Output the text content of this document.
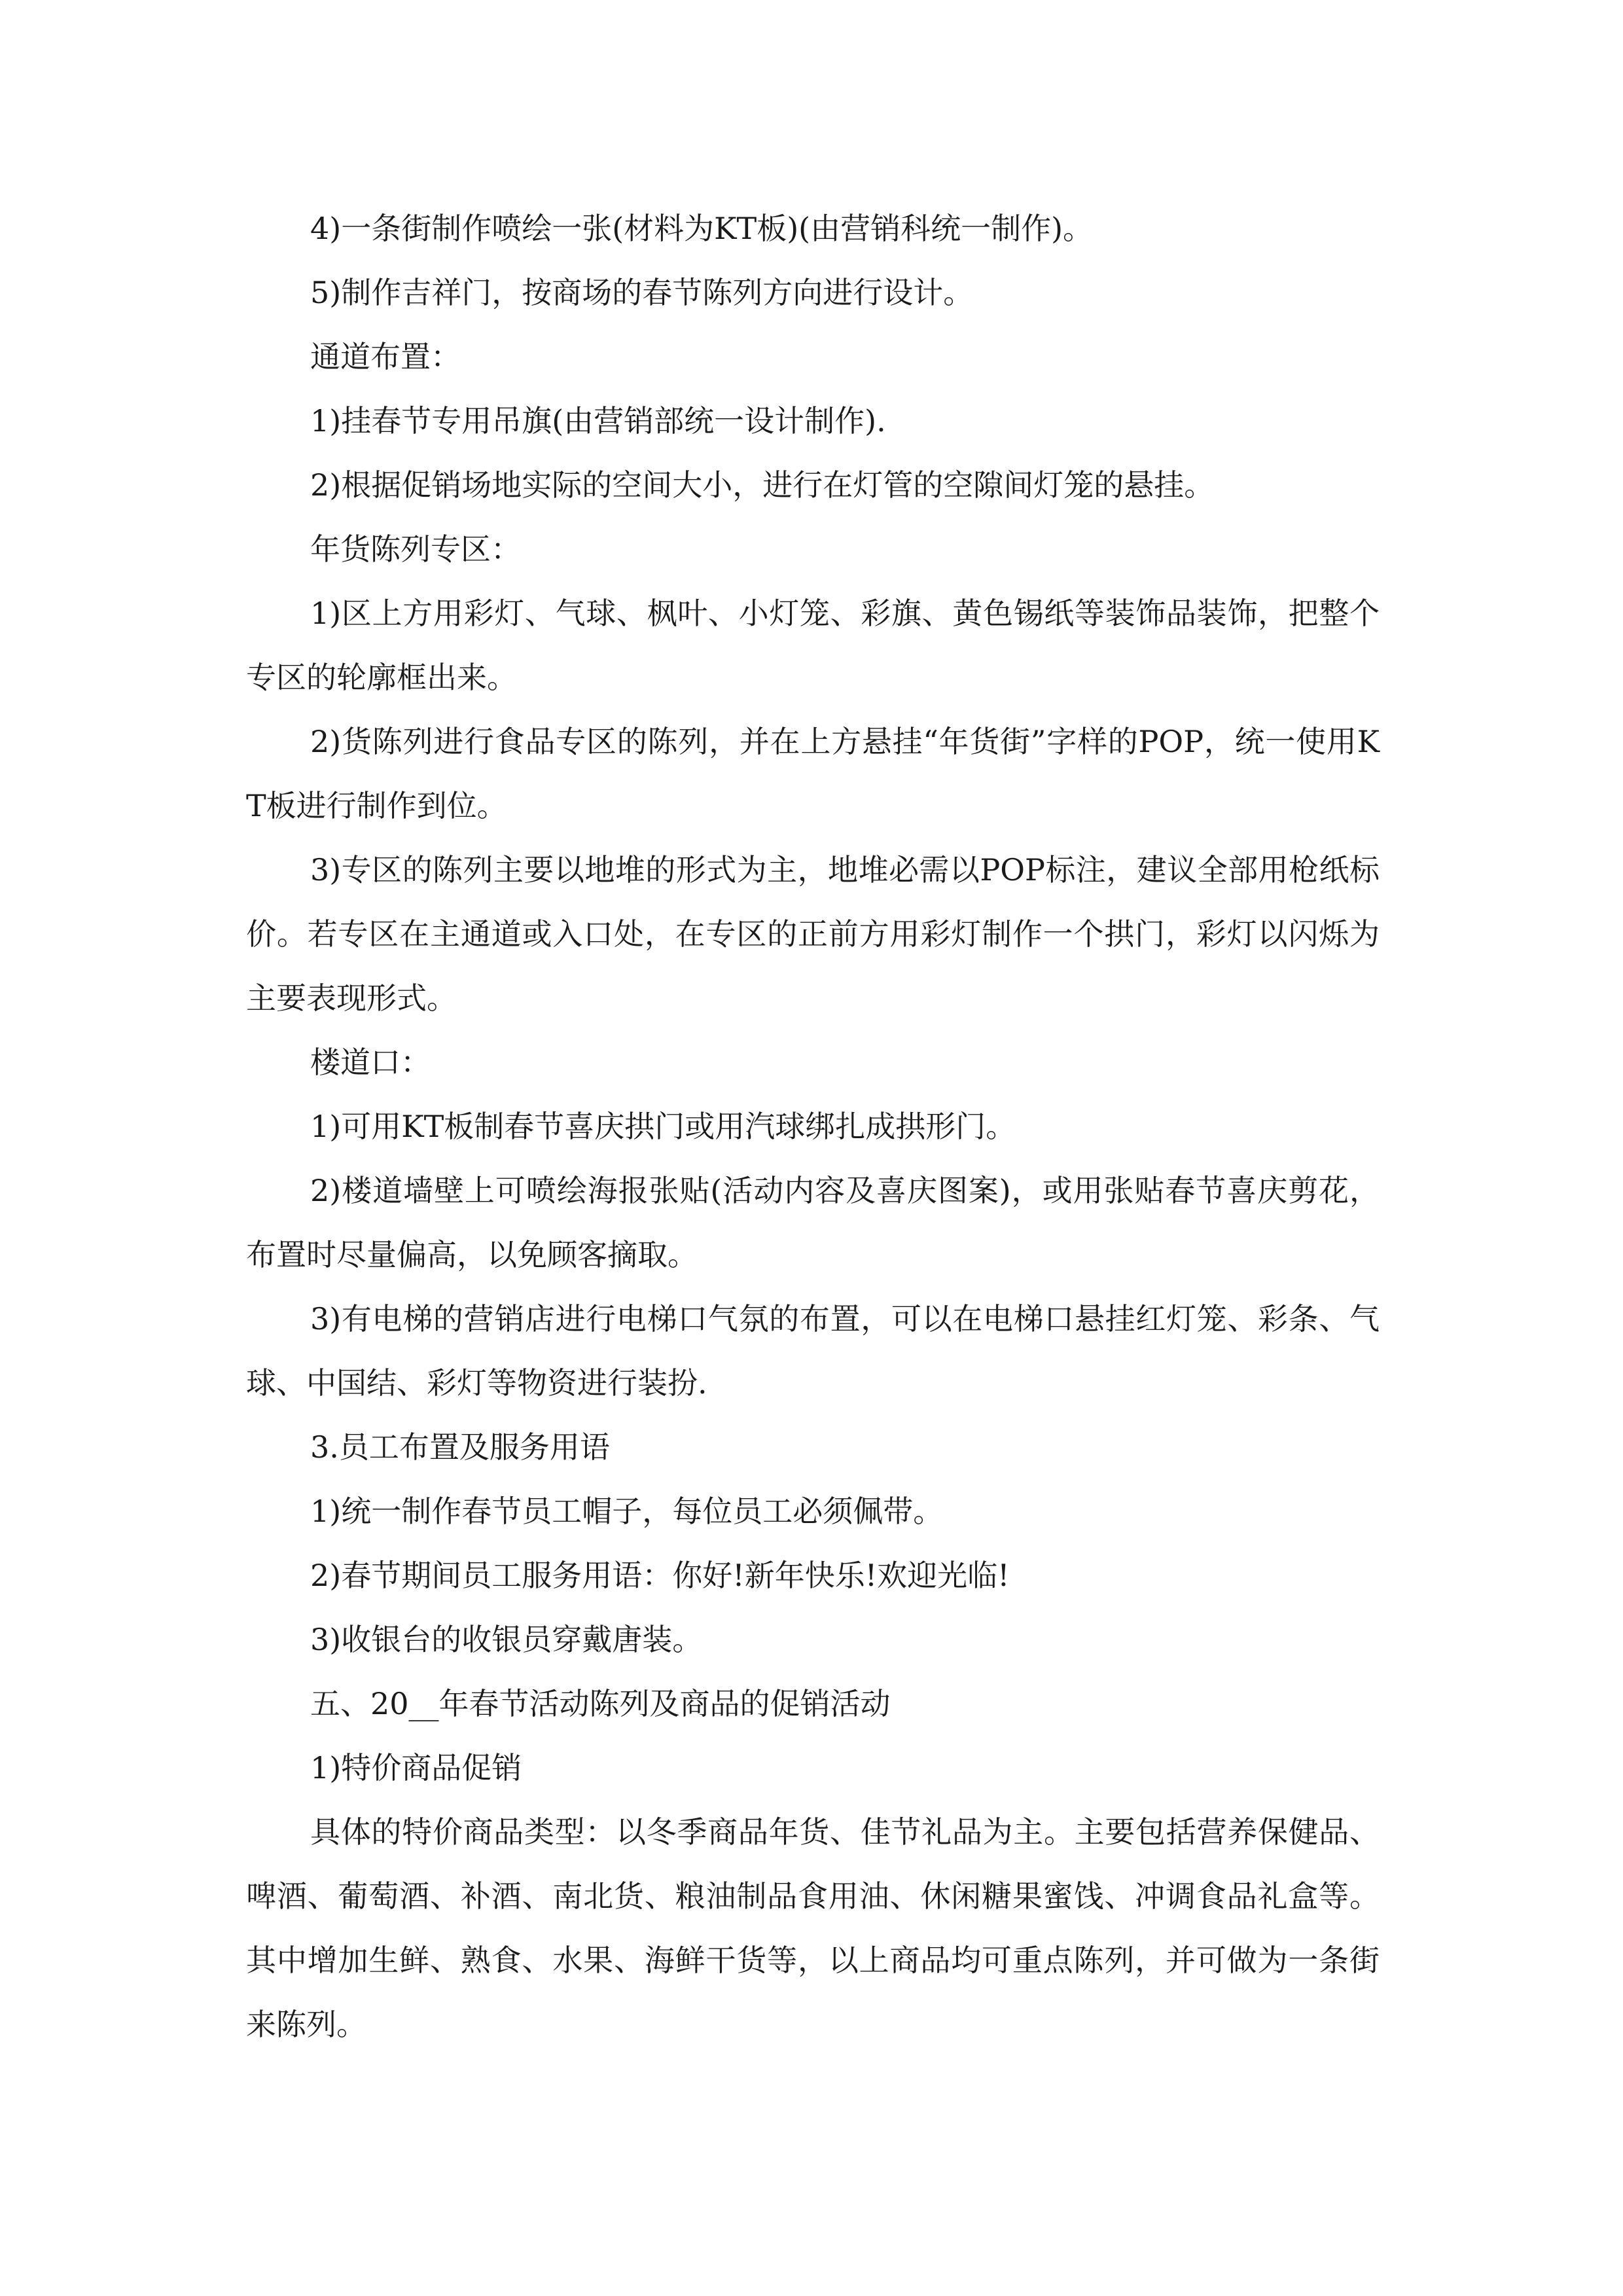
4)一条街制作喷绘一张(材料为KT板)(由营销科统一制作)。

5)制作吉祥门，按商场的春节陈列方向进行设计。

通道布置：

1)挂春节专用吊旗(由营销部统一设计制作).

2)根据促销场地实际的空间大小，进行在灯管的空隙间灯笼的悬挂。

年货陈列专区：

1)区上方用彩灯、气球、枫叶、小灯笼、彩旗、黄色锡纸等装饰品装饰，把整个专区的轮廓框出来。

2)货陈列进行食品专区的陈列，并在上方悬挂“年货街”字样的POP，统一使用KT板进行制作到位。

3)专区的陈列主要以地堆的形式为主，地堆必需以POP标注，建议全部用枪纸标价。若专区在主通道或入口处，在专区的正前方用彩灯制作一个拱门，彩灯以闪烁为主要表现形式。

楼道口：

1)可用KT板制春节喜庆拱门或用汽球绑扎成拱形门。

2)楼道墙壁上可喷绘海报张贴(活动内容及喜庆图案)，或用张贴春节喜庆剪花，布置时尽量偏高，以免顾客摘取。

3)有电梯的营销店进行电梯口气氛的布置，可以在电梯口悬挂红灯笼、彩条、气球、中国结、彩灯等物资进行装扮.

3.员工布置及服务用语

1)统一制作春节员工帽子，每位员工必须佩带。

2)春节期间员工服务用语：你好!新年快乐!欢迎光临!

3)收银台的收银员穿戴唐装。

五、20__年春节活动陈列及商品的促销活动

1)特价商品促销

具体的特价商品类型：以冬季商品年货、佳节礼品为主。主要包括营养保健品、啤酒、葡萄酒、补酒、南北货、粮油制品食用油、休闲糖果蜜饯、冲调食品礼盒等。其中增加生鲜、熟食、水果、海鲜干货等，以上商品均可重点陈列，并可做为一条街来陈列。
